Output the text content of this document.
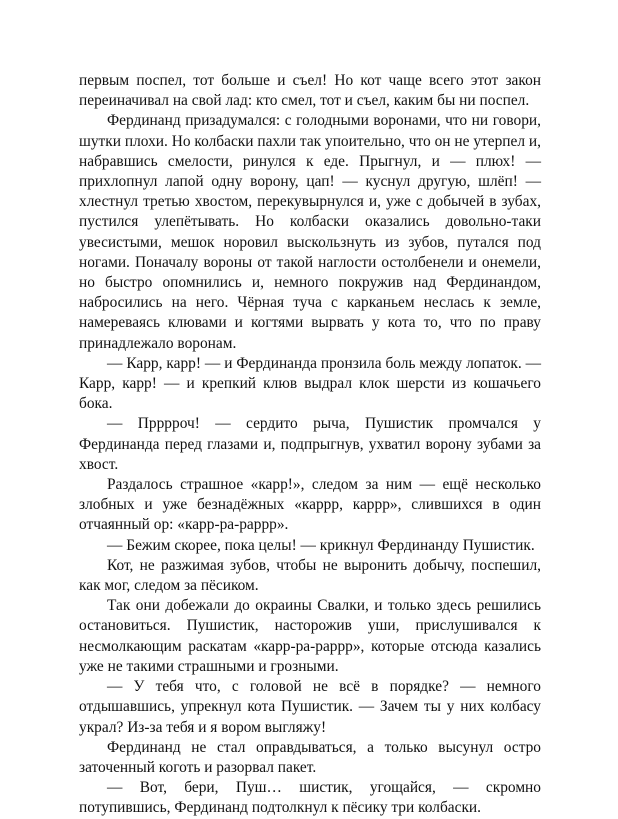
первым поспел, тот больше и съел! Но кот чаще всего этот закон переиначивал на свой лад: кто смел, тот и съел, каким бы ни поспел.

Фердинанд призадумался: с голодными воронами, что ни говори, шутки плохи. Но колбаски пахли так упоительно, что он не утерпел и, набравшись смелости, ринулся к еде. Прыгнул, и — плюх! — прихлопнул лапой одну ворону, цап! — куснул другую, шлёп! — хлестнул третью хвостом, перекувырнулся и, уже с добычей в зубах, пустился улепётывать. Но колбаски оказались довольно-таки увесистыми, мешок норовил выскользнуть из зубов, путался под ногами. Поначалу вороны от такой наглости остолбенели и онемели, но быстро опомнились и, немного покружив над Фердинандом, набросились на него. Чёрная туча с карканьем неслась к земле, намереваясь клювами и когтями вырвать у кота то, что по праву принадлежало воронам.

— Карр, карр! — и Фердинанда пронзила боль между лопаток. — Карр, карр! — и крепкий клюв выдрал клок шерсти из кошачьего бока.

— Прррроч! — сердито рыча, Пушистик промчался у Фердинанда перед глазами и, подпрыгнув, ухватил ворону зубами за хвост.

Раздалось страшное «карр!», следом за ним — ещё несколько злобных и уже безнадёжных «каррр, каррр», слившихся в один отчаянный ор: «карр-ра-раррр».

— Бежим скорее, пока целы! — крикнул Фердинанду Пушистик.

Кот, не разжимая зубов, чтобы не выронить добычу, поспешил, как мог, следом за пёсиком.

Так они добежали до окраины Свалки, и только здесь решились остановиться. Пушистик, насторожив уши, прислушивался к несмолкающим раскатам «карр-ра-раррр», которые отсюда казались уже не такими страшными и грозными.

— У тебя что, с головой не всё в порядке? — немного отдышавшись, упрекнул кота Пушистик. — Зачем ты у них колбасу украл? Из-за тебя и я вором выгляжу!

Фердинанд не стал оправдываться, а только высунул остро заточенный коготь и разорвал пакет.

— Вот, бери, Пуш… шистик, угощайся, — скромно потупившись, Фердинанд подтолкнул к пёсику три колбаски.
